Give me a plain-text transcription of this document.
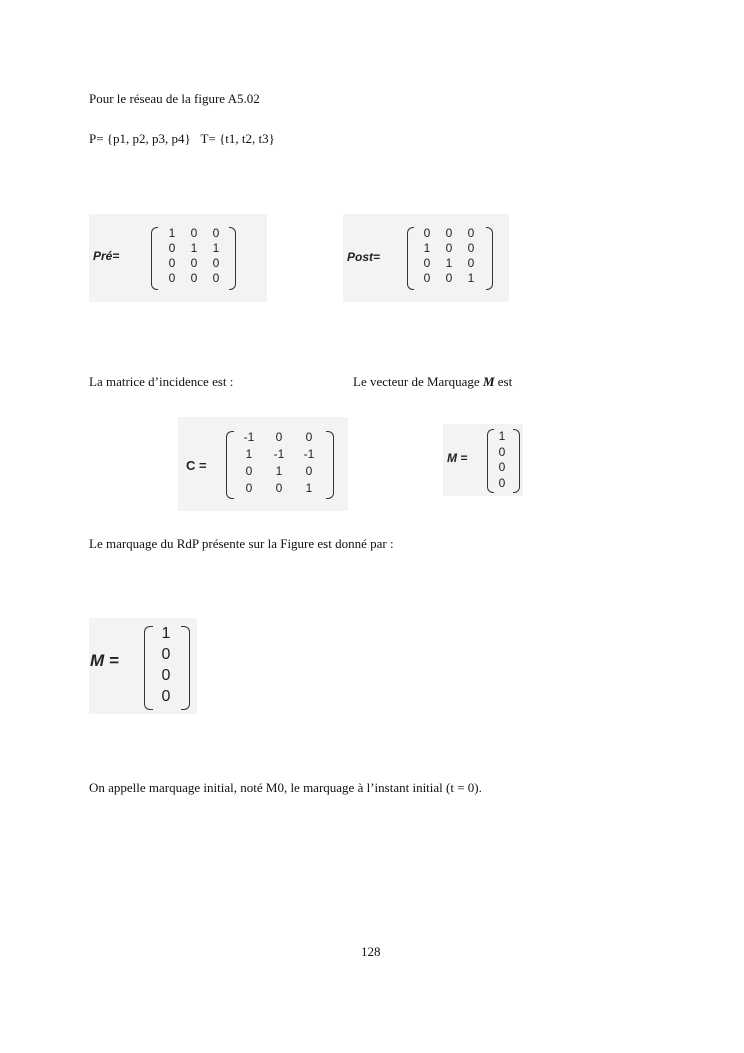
Pour le réseau de la figure A5.02
P= {p1, p2, p3, p4} T= {t1, t2, t3}
Pré=
1	0	0
0	1	1
0	0	0
0	0	0
Post=
0	0	0
1	0	0
0	1	0
0	0	1
La matrice d’incidence est :	Le vecteur de Marquage M est
C =
-1	0	0
1	-1	-1
0	1	0
0	0	1
M =
1
0
0
0
Le marquage du RdP présente sur la Figure est donné par :
M =
1
0
0
0
On appelle marquage initial, noté M0, le marquage à l’instant initial (t = 0).
128
